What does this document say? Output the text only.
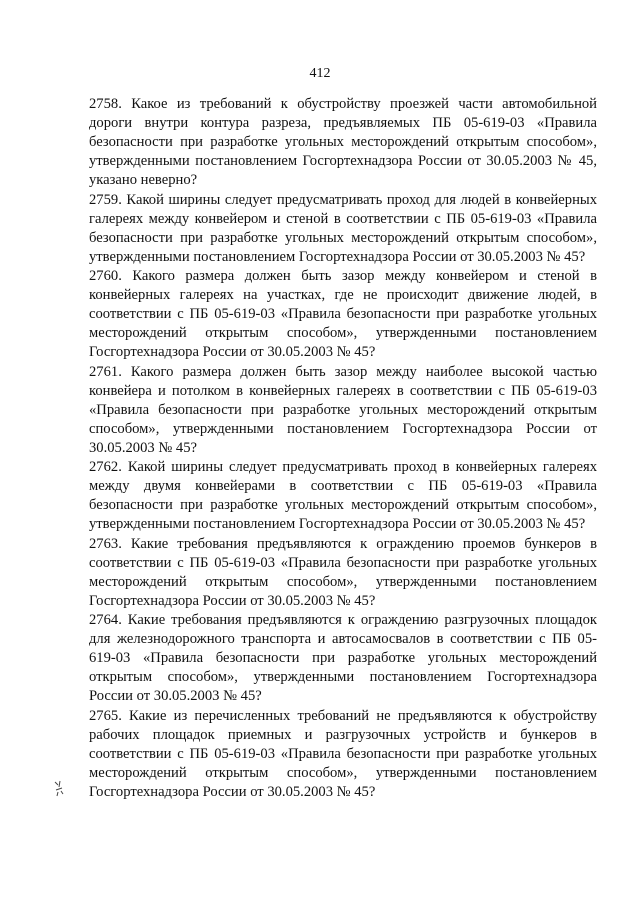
412

2758. Какое из требований к обустройству проезжей части автомобильной дороги внутри контура разреза, предъявляемых ПБ 05-619-03 «Правила безопасности при разработке угольных месторождений открытым способом», утвержденными постановлением Госгортехнадзора России от 30.05.2003 № 45, указано неверно?

2759. Какой ширины следует предусматривать проход для людей в конвейерных галереях между конвейером и стеной в соответствии с ПБ 05-619-03 «Правила безопасности при разработке угольных месторождений открытым способом», утвержденными постановлением Госгортехнадзора России от 30.05.2003 № 45?

2760. Какого размера должен быть зазор между конвейером и стеной в конвейерных галереях на участках, где не происходит движение людей, в соответствии с ПБ 05-619-03 «Правила безопасности при разработке угольных месторождений открытым способом», утвержденными постановлением Госгортехнадзора России от 30.05.2003 № 45?

2761. Какого размера должен быть зазор между наиболее высокой частью конвейера и потолком в конвейерных галереях в соответствии с ПБ 05-619-03 «Правила безопасности при разработке угольных месторождений открытым способом», утвержденными постановлением Госгортехнадзора России от 30.05.2003 № 45?

2762. Какой ширины следует предусматривать проход в конвейерных галереях между двумя конвейерами в соответствии с ПБ 05-619-03 «Правила безопасности при разработке угольных месторождений открытым способом», утвержденными постановлением Госгортехнадзора России от 30.05.2003 № 45?

2763. Какие требования предъявляются к ограждению проемов бункеров в соответствии с ПБ 05-619-03 «Правила безопасности при разработке угольных месторождений открытым способом», утвержденными постановлением Госгортехнадзора России от 30.05.2003 № 45?

2764. Какие требования предъявляются к ограждению разгрузочных площадок для железнодорожного транспорта и автосамосвалов в соответствии с ПБ 05-619-03 «Правила безопасности при разработке угольных месторождений открытым способом», утвержденными постановлением Госгортехнадзора России от 30.05.2003 № 45?

2765. Какие из перечисленных требований не предъявляются к обустройству рабочих площадок приемных и разгрузочных устройств и бункеров в соответствии с ПБ 05-619-03 «Правила безопасности при разработке угольных месторождений открытым способом», утвержденными постановлением Госгортехнадзора России от 30.05.2003 № 45?
